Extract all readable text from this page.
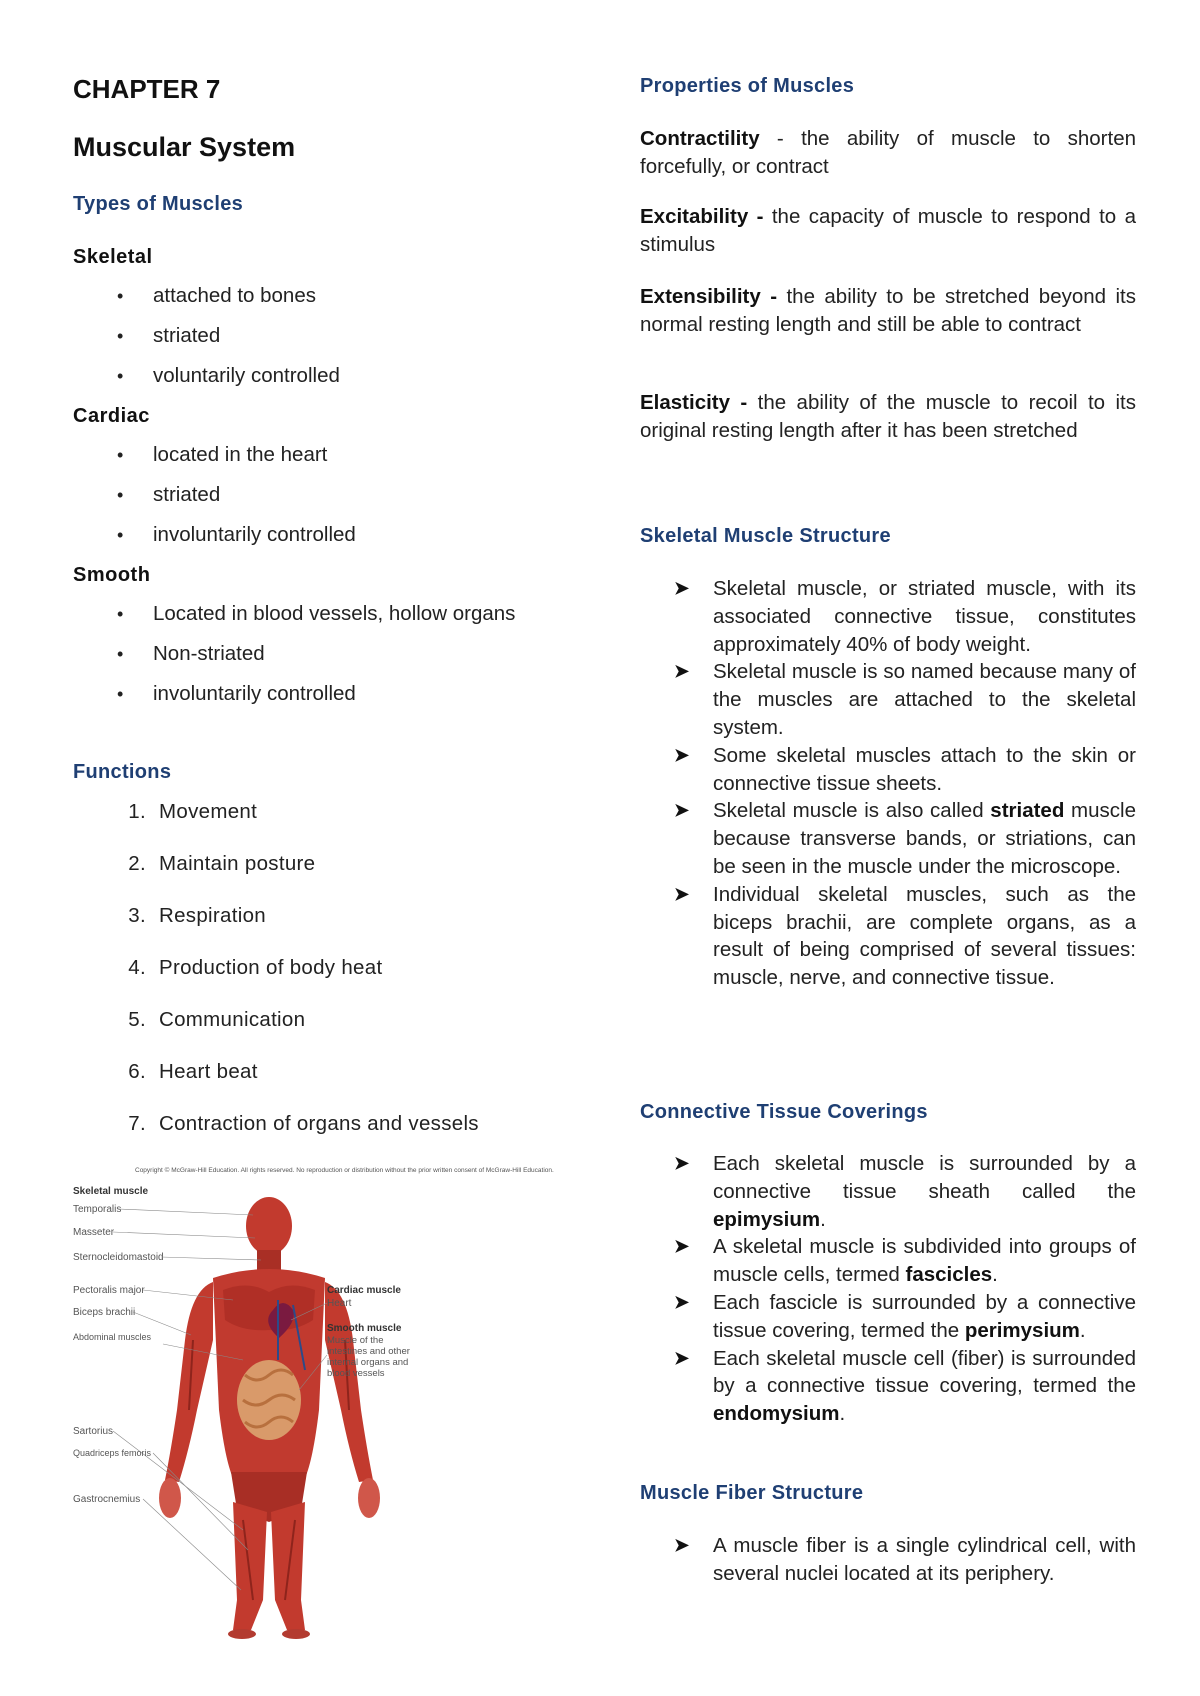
CHAPTER 7
Muscular System
Types of Muscles
Skeletal
• attached to bones
• striated
• voluntarily controlled
Cardiac
• located in the heart
• striated
• involuntarily controlled
Smooth
• Located in blood vessels, hollow organs
• Non-striated
• involuntarily controlled
Functions
1. Movement
2. Maintain posture
3. Respiration
4. Production of body heat
5. Communication
6. Heart beat
7. Contraction of organs and vessels
Copyright © McGraw-Hill Education. All rights reserved. No reproduction or distribution without the prior written consent of McGraw-Hill Education.
Skeletal muscle
Temporalis
Masseter
Sternocleidomastoid
Pectoralis major
Biceps brachii
Abdominal muscles
Sartorius
Quadriceps femoris
Gastrocnemius
Cardiac muscle
Heart
Smooth muscle
Muscle of the intestines and other internal organs and blood vessels
Properties of Muscles

Contractility - the ability of muscle to shorten forcefully, or contract

Excitability - the capacity of muscle to respond to a stimulus

Extensibility - the ability to be stretched beyond its normal resting length and still be able to contract

Elasticity - the ability of the muscle to recoil to its original resting length after it has been stretched

Skeletal Muscle Structure
➤ Skeletal muscle, or striated muscle, with its associated connective tissue, constitutes approximately 40% of body weight.
➤ Skeletal muscle is so named because many of the muscles are attached to the skeletal system.
➤ Some skeletal muscles attach to the skin or connective tissue sheets.
➤ Skeletal muscle is also called striated muscle because transverse bands, or striations, can be seen in the muscle under the microscope.
➤ Individual skeletal muscles, such as the biceps brachii, are complete organs, as a result of being comprised of several tissues: muscle, nerve, and connective tissue.
Connective Tissue Coverings
➤ Each skeletal muscle is surrounded by a connective tissue sheath called the epimysium.
➤ A skeletal muscle is subdivided into groups of muscle cells, termed fascicles.
➤ Each fascicle is surrounded by a connective tissue covering, termed the perimysium.
➤ Each skeletal muscle cell (fiber) is surrounded by a connective tissue covering, termed the endomysium.
Muscle Fiber Structure
➤ A muscle fiber is a single cylindrical cell, with several nuclei located at its periphery.
